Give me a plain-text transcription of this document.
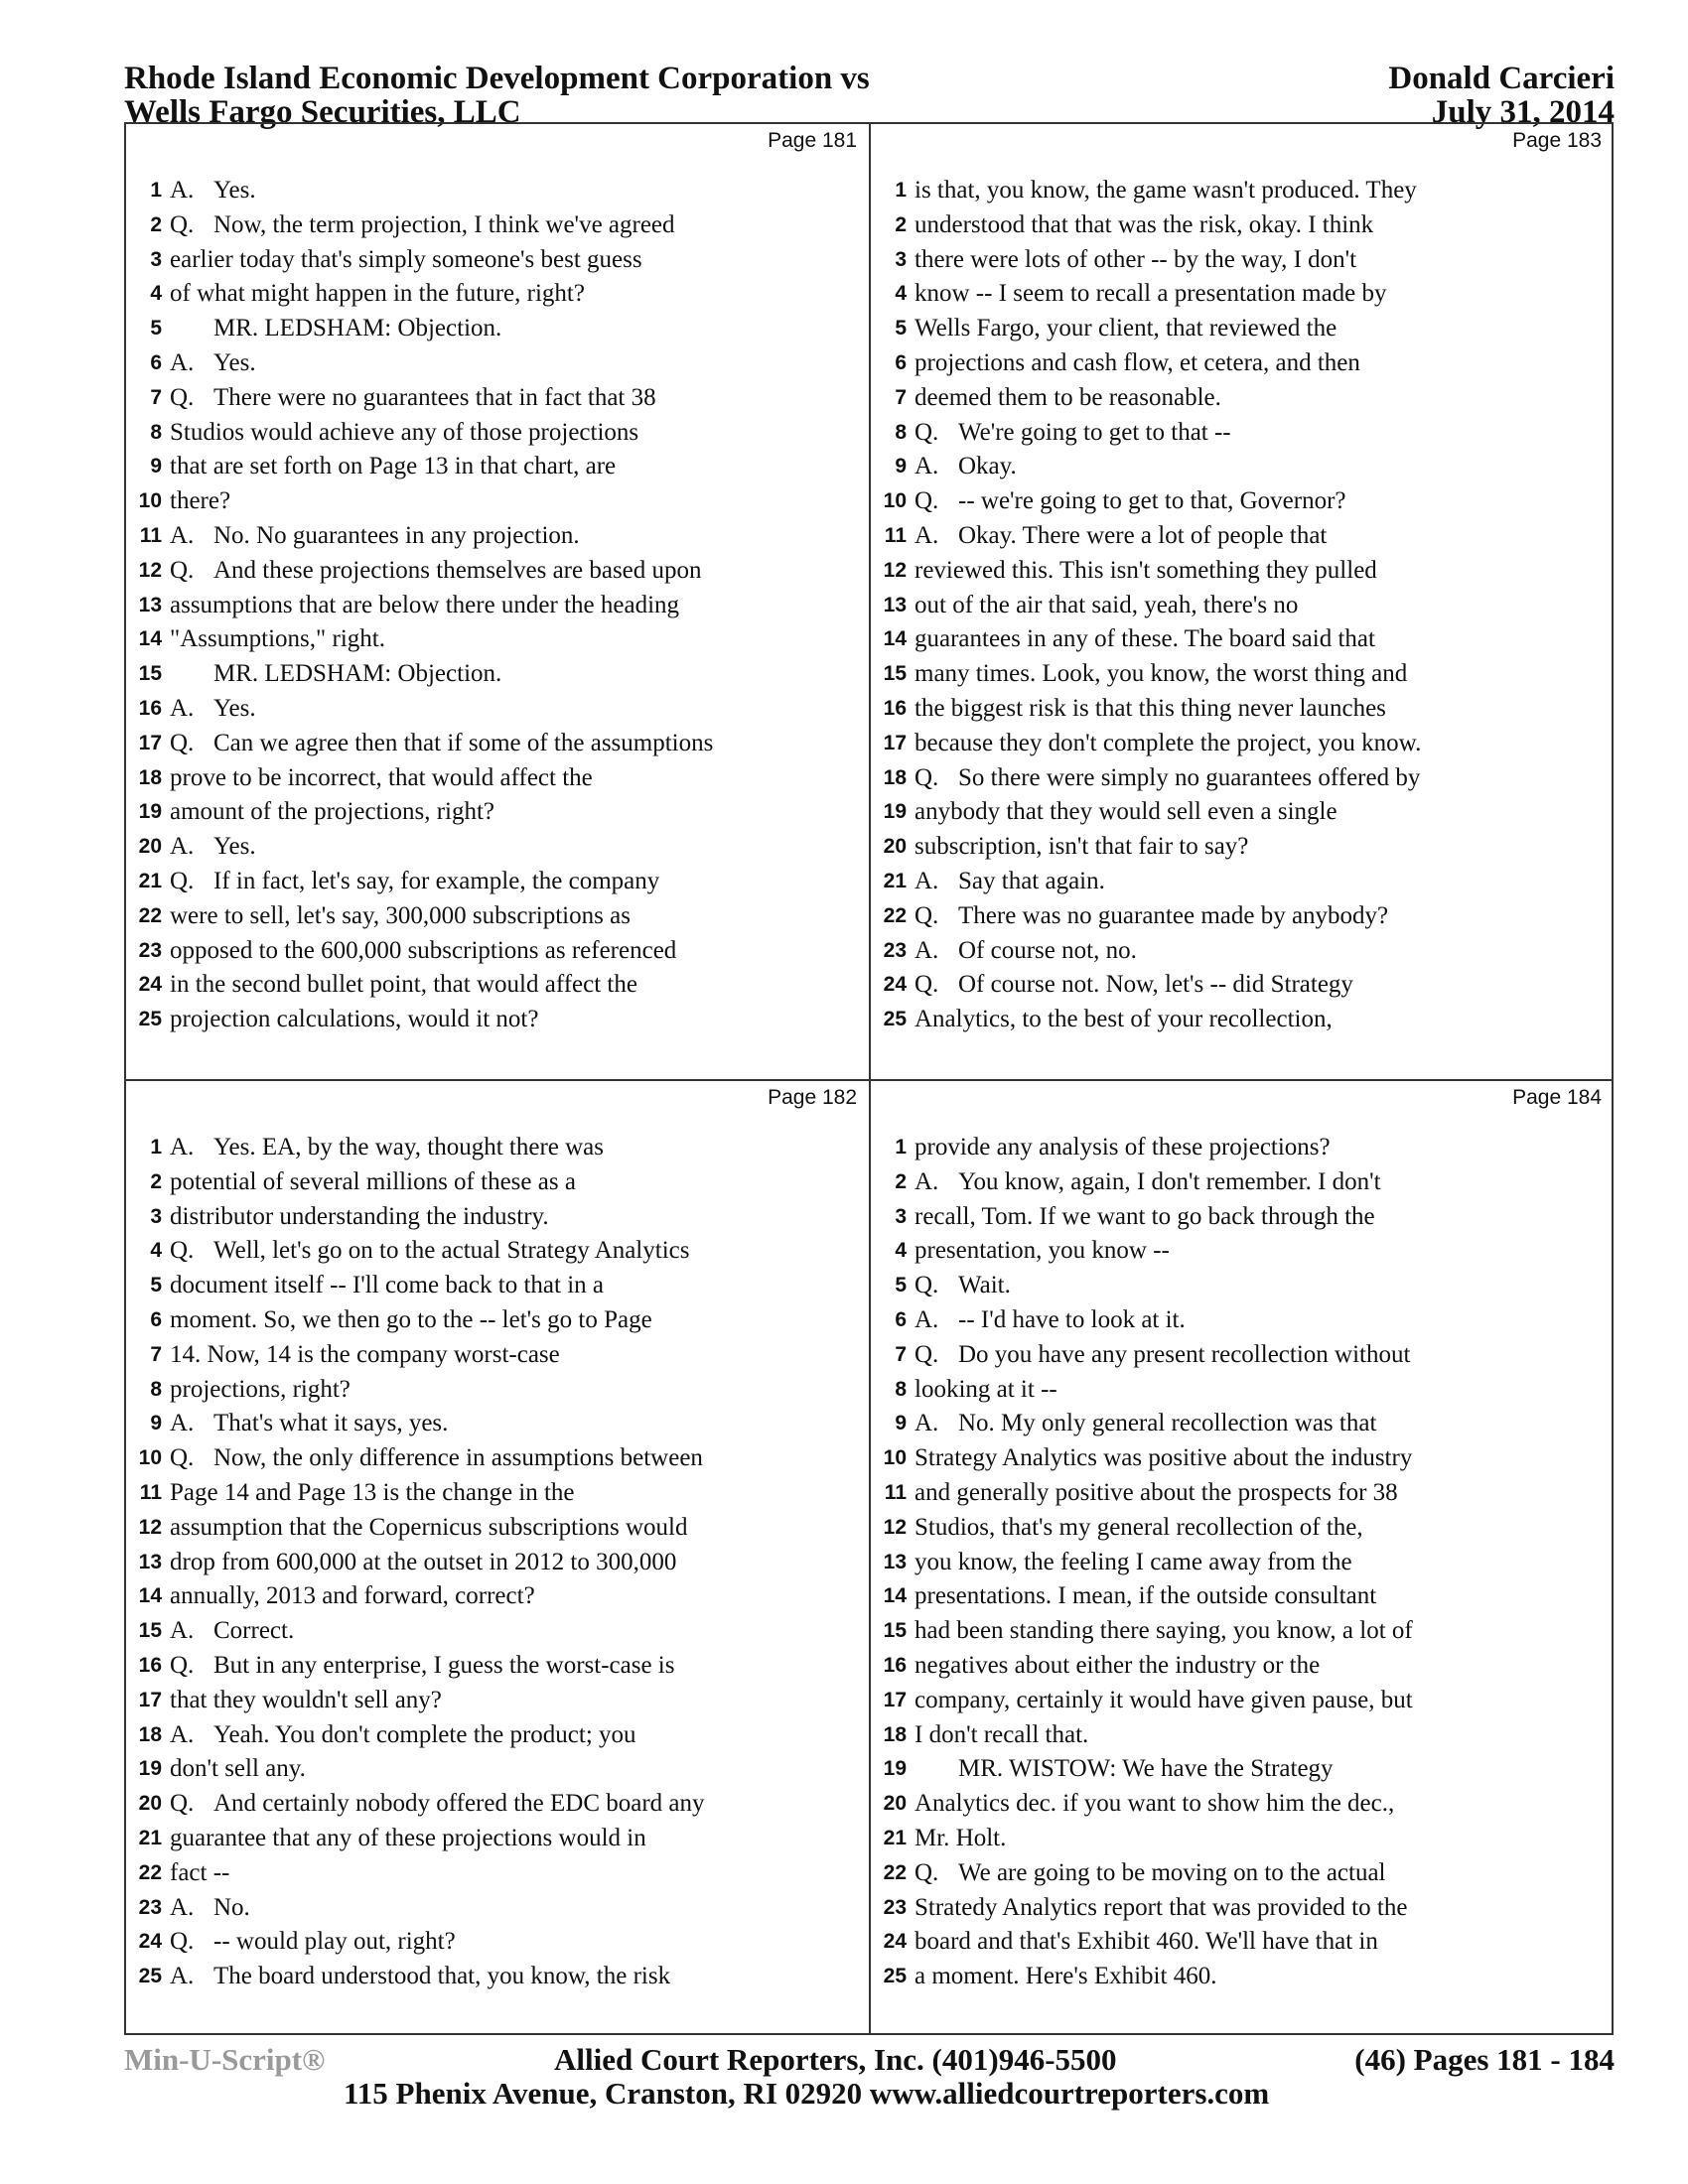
Rhode Island Economic Development Corporation vs
Wells Fargo Securities, LLC
Donald Carcieri
July 31, 2014
Page 181
1 A. Yes.
2 Q. Now, the term projection, I think we've agreed
3 earlier today that's simply someone's best guess
4 of what might happen in the future, right?
5 MR. LEDSHAM: Objection.
6 A. Yes.
7 Q. There were no guarantees that in fact that 38
8 Studios would achieve any of those projections
9 that are set forth on Page 13 in that chart, are
10 there?
11 A. No. No guarantees in any projection.
12 Q. And these projections themselves are based upon
13 assumptions that are below there under the heading
14 "Assumptions," right.
15 MR. LEDSHAM: Objection.
16 A. Yes.
17 Q. Can we agree then that if some of the assumptions
18 prove to be incorrect, that would affect the
19 amount of the projections, right?
20 A. Yes.
21 Q. If in fact, let's say, for example, the company
22 were to sell, let's say, 300,000 subscriptions as
23 opposed to the 600,000 subscriptions as referenced
24 in the second bullet point, that would affect the
25 projection calculations, would it not?
Page 183
1 is that, you know, the game wasn't produced. They
2 understood that that was the risk, okay. I think
3 there were lots of other -- by the way, I don't
4 know -- I seem to recall a presentation made by
5 Wells Fargo, your client, that reviewed the
6 projections and cash flow, et cetera, and then
7 deemed them to be reasonable.
8 Q. We're going to get to that --
9 A. Okay.
10 Q. -- we're going to get to that, Governor?
11 A. Okay. There were a lot of people that
12 reviewed this. This isn't something they pulled
13 out of the air that said, yeah, there's no
14 guarantees in any of these. The board said that
15 many times. Look, you know, the worst thing and
16 the biggest risk is that this thing never launches
17 because they don't complete the project, you know.
18 Q. So there were simply no guarantees offered by
19 anybody that they would sell even a single
20 subscription, isn't that fair to say?
21 A. Say that again.
22 Q. There was no guarantee made by anybody?
23 A. Of course not, no.
24 Q. Of course not. Now, let's -- did Strategy
25 Analytics, to the best of your recollection,
Page 182
1 A. Yes. EA, by the way, thought there was
2 potential of several millions of these as a
3 distributor understanding the industry.
4 Q. Well, let's go on to the actual Strategy Analytics
5 document itself -- I'll come back to that in a
6 moment. So, we then go to the -- let's go to Page
7 14. Now, 14 is the company worst-case
8 projections, right?
9 A. That's what it says, yes.
10 Q. Now, the only difference in assumptions between
11 Page 14 and Page 13 is the change in the
12 assumption that the Copernicus subscriptions would
13 drop from 600,000 at the outset in 2012 to 300,000
14 annually, 2013 and forward, correct?
15 A. Correct.
16 Q. But in any enterprise, I guess the worst-case is
17 that they wouldn't sell any?
18 A. Yeah. You don't complete the product; you
19 don't sell any.
20 Q. And certainly nobody offered the EDC board any
21 guarantee that any of these projections would in
22 fact --
23 A. No.
24 Q. -- would play out, right?
25 A. The board understood that, you know, the risk
Page 184
1 provide any analysis of these projections?
2 A. You know, again, I don't remember. I don't
3 recall, Tom. If we want to go back through the
4 presentation, you know --
5 Q. Wait.
6 A. -- I'd have to look at it.
7 Q. Do you have any present recollection without
8 looking at it --
9 A. No. My only general recollection was that
10 Strategy Analytics was positive about the industry
11 and generally positive about the prospects for 38
12 Studios, that's my general recollection of the,
13 you know, the feeling I came away from the
14 presentations. I mean, if the outside consultant
15 had been standing there saying, you know, a lot of
16 negatives about either the industry or the
17 company, certainly it would have given pause, but
18 I don't recall that.
19 MR. WISTOW: We have the Strategy
20 Analytics dec. if you want to show him the dec.,
21 Mr. Holt.
22 Q. We are going to be moving on to the actual
23 Stratedy Analytics report that was provided to the
24 board and that's Exhibit 460. We'll have that in
25 a moment. Here's Exhibit 460.
Min-U-Script®	Allied Court Reporters, Inc. (401)946-5500	(46) Pages 181 - 184
115 Phenix Avenue, Cranston, RI 02920 www.alliedcourtreporters.com
